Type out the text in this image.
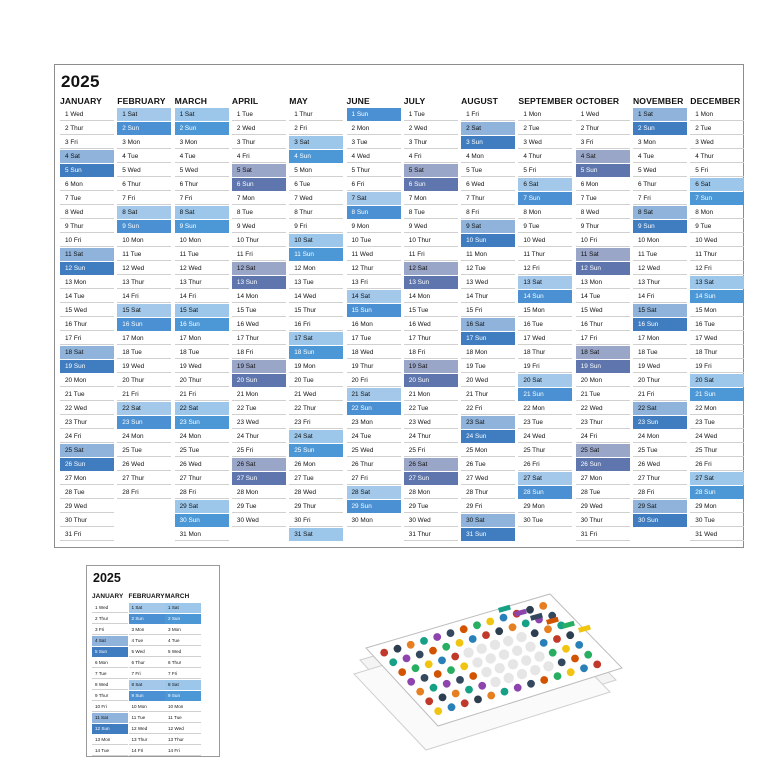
2025
JANUARY
1 Wed
2 Thur
3 Fri
4 Sat
5 Sun
6 Mon
7 Tue
8 Wed
9 Thur
10 Fri
11 Sat
12 Sun
13 Mon
14 Tue
15 Wed
16 Thur
17 Fri
18 Sat
19 Sun
20 Mon
21 Tue
22 Wed
23 Thur
24 Fri
25 Sat
26 Sun
27 Mon
28 Tue
29 Wed
30 Thur
31 Fri
FEBRUARY
1 Sat
2 Sun
3 Mon
4 Tue
5 Wed
6 Thur
7 Fri
8 Sat
9 Sun
10 Mon
11 Tue
12 Wed
13 Thur
14 Fri
15 Sat
16 Sun
17 Mon
18 Tue
19 Wed
20 Thur
21 Fri
22 Sat
23 Sun
24 Mon
25 Tue
26 Wed
27 Thur
28 Fri
MARCH
1 Sat
2 Sun
3 Mon
4 Tue
5 Wed
6 Thur
7 Fri
8 Sat
9 Sun
10 Mon
11 Tue
12 Wed
13 Thur
14 Fri
15 Sat
16 Sun
17 Mon
18 Tue
19 Wed
20 Thur
21 Fri
22 Sat
23 Sun
24 Mon
25 Tue
26 Wed
27 Thur
28 Fri
29 Sat
30 Sun
31 Mon
APRIL
1 Tue
2 Wed
3 Thur
4 Fri
5 Sat
6 Sun
7 Mon
8 Tue
9 Wed
10 Thur
11 Fri
12 Sat
13 Sun
14 Mon
15 Tue
16 Wed
17 Thur
18 Fri
19 Sat
20 Sun
21 Mon
22 Tue
23 Wed
24 Thur
25 Fri
26 Sat
27 Sun
28 Mon
29 Tue
30 Wed
MAY
1 Thur
2 Fri
3 Sat
4 Sun
5 Mon
6 Tue
7 Wed
8 Thur
9 Fri
10 Sat
11 Sun
12 Mon
13 Tue
14 Wed
15 Thur
16 Fri
17 Sat
18 Sun
19 Mon
20 Tue
21 Wed
22 Thur
23 Fri
24 Sat
25 Sun
26 Mon
27 Tue
28 Wed
29 Thur
30 Fri
31 Sat
JUNE
1 Sun
2 Mon
3 Tue
4 Wed
5 Thur
6 Fri
7 Sat
8 Sun
9 Mon
10 Tue
11 Wed
12 Thur
13 Fri
14 Sat
15 Sun
16 Mon
17 Tue
18 Wed
19 Thur
20 Fri
21 Sat
22 Sun
23 Mon
24 Tue
25 Wed
26 Thur
27 Fri
28 Sat
29 Sun
30 Mon
JULY
1 Tue
2 Wed
3 Thur
4 Fri
5 Sat
6 Sun
7 Mon
8 Tue
9 Wed
10 Thur
11 Fri
12 Sat
13 Sun
14 Mon
15 Tue
16 Wed
17 Thur
18 Fri
19 Sat
20 Sun
21 Mon
22 Tue
23 Wed
24 Thur
25 Fri
26 Sat
27 Sun
28 Mon
29 Tue
30 Wed
31 Thur
AUGUST
1 Fri
2 Sat
3 Sun
4 Mon
5 Tue
6 Wed
7 Thur
8 Fri
9 Sat
10 Sun
11 Mon
12 Tue
13 Wed
14 Thur
15 Fri
16 Sat
17 Sun
18 Mon
19 Tue
20 Wed
21 Thur
22 Fri
23 Sat
24 Sun
25 Mon
26 Tue
27 Wed
28 Thur
29 Fri
30 Sat
31 Sun
SEPTEMBER
1 Mon
2 Tue
3 Wed
4 Thur
5 Fri
6 Sat
7 Sun
8 Mon
9 Tue
10 Wed
11 Thur
12 Fri
13 Sat
14 Sun
15 Mon
16 Tue
17 Wed
18 Thur
19 Fri
20 Sat
21 Sun
22 Mon
23 Tue
24 Wed
25 Thur
26 Fri
27 Sat
28 Sun
29 Mon
30 Tue
OCTOBER
1 Wed
2 Thur
3 Fri
4 Sat
5 Sun
6 Mon
7 Tue
8 Wed
9 Thur
10 Fri
11 Sat
12 Sun
13 Mon
14 Tue
15 Wed
16 Thur
17 Fri
18 Sat
19 Sun
20 Mon
21 Tue
22 Wed
23 Thur
24 Fri
25 Sat
26 Sun
27 Mon
28 Tue
29 Wed
30 Thur
31 Fri
NOVEMBER
1 Sat
2 Sun
3 Mon
4 Tue
5 Wed
6 Thur
7 Fri
8 Sat
9 Sun
10 Mon
11 Tue
12 Wed
13 Thur
14 Fri
15 Sat
16 Sun
17 Mon
18 Tue
19 Wed
20 Thur
21 Fri
22 Sat
23 Sun
24 Mon
25 Tue
26 Wed
27 Thur
28 Fri
29 Sat
30 Sun
DECEMBER
1 Mon
2 Tue
3 Wed
4 Thur
5 Fri
6 Sat
7 Sun
8 Mon
9 Tue
10 Wed
11 Thur
12 Fri
13 Sat
14 Sun
15 Mon
16 Tue
17 Wed
18 Thur
19 Fri
20 Sat
21 Sun
22 Mon
23 Tue
24 Wed
25 Thur
26 Fri
27 Sat
28 Sun
29 Mon
30 Tue
31 Wed
2025
JANUARY
1 Wed
2 Thur
3 Fri
4 Sat
5 Sun
6 Mon
7 Tue
8 Wed
9 Thur
10 Fri
11 Sat
12 Sun
13 Mon
14 Tue
FEBRUARY
1 Sat
2 Sun
3 Mon
4 Tue
5 Wed
6 Thur
7 Fri
8 Sat
9 Sun
10 Mon
11 Tue
12 Wed
13 Thur
14 Fri
MARCH
1 Sat
2 Sun
3 Mon
4 Tue
5 Wed
6 Thur
7 Fri
8 Sat
9 Sun
10 Mon
11 Tue
12 Wed
13 Thur
14 Fri
